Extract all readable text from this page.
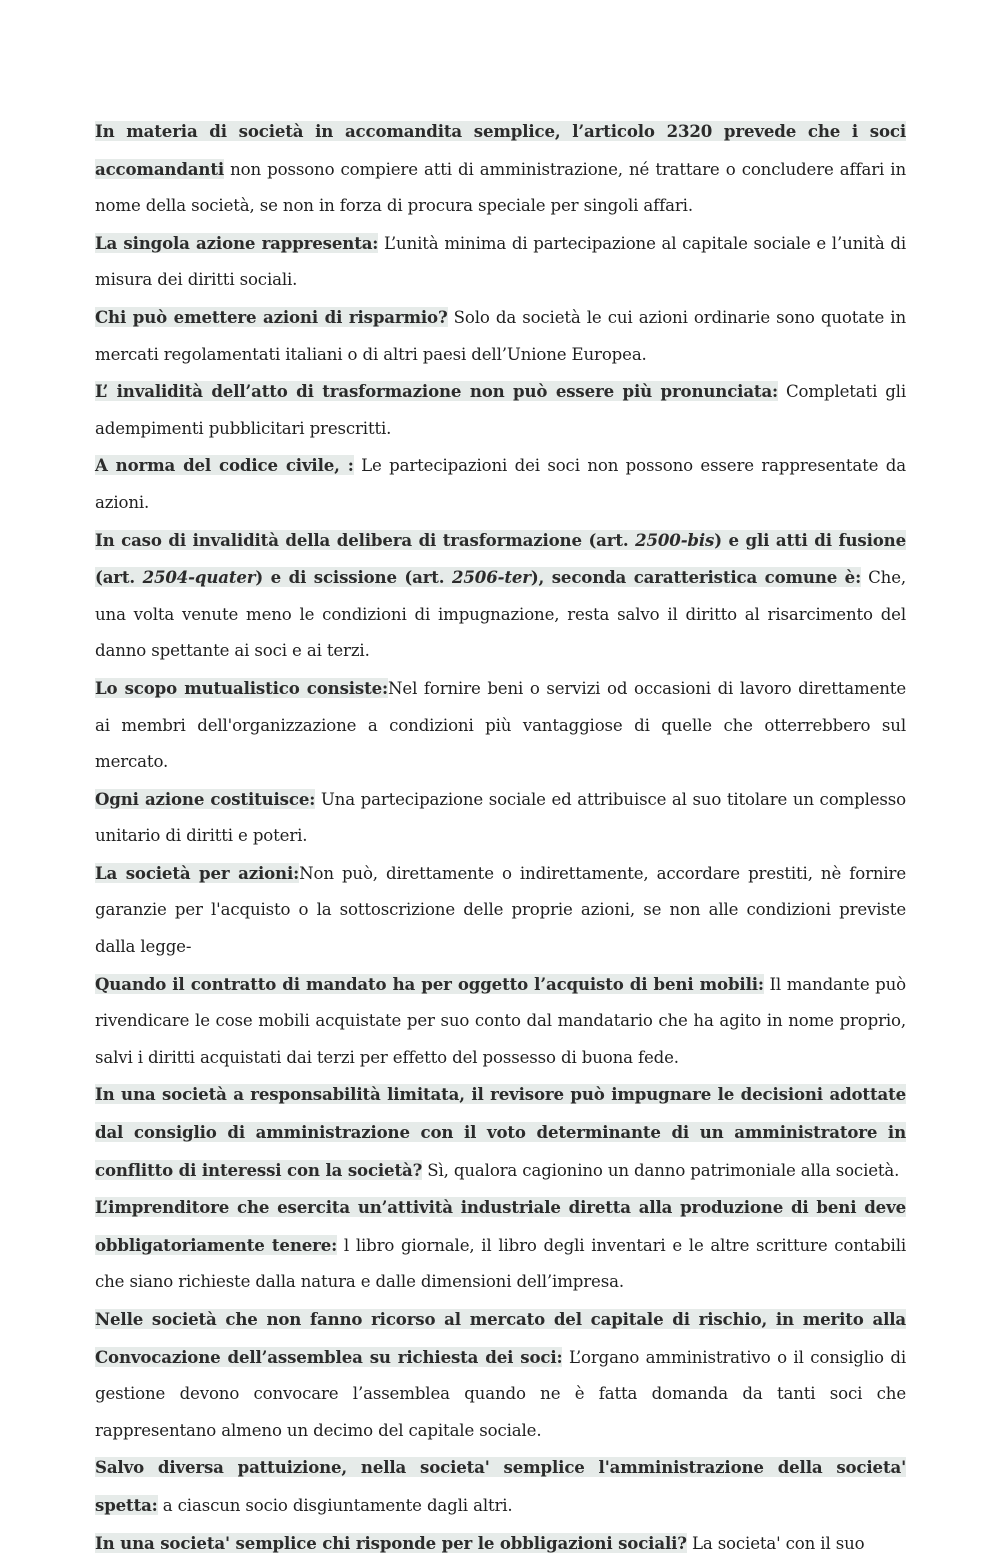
In materia di società in accomandita semplice, l’articolo 2320 prevede che i soci accomandanti non possono compiere atti di amministrazione, né trattare o concludere affari in nome della società, se non in forza di procura speciale per singoli affari.

La singola azione rappresenta: L’unità minima di partecipazione al capitale sociale e l’unità di misura dei diritti sociali.

Chi può emettere azioni di risparmio? Solo da società le cui azioni ordinarie sono quotate in mercati regolamentati italiani o di altri paesi dell’Unione Europea.

L’ invalidità dell’atto di trasformazione non può essere più pronunciata: Completati gli adempimenti pubblicitari prescritti.

A norma del codice civile, : Le partecipazioni dei soci non possono essere rappresentate da azioni.

In caso di invalidità della delibera di trasformazione (art. 2500-bis) e gli atti di fusione (art. 2504-quater) e di scissione (art. 2506-ter), seconda caratteristica comune è: Che, una volta venute meno le condizioni di impugnazione, resta salvo il diritto al risarcimento del danno spettante ai soci e ai terzi.

Lo scopo mutualistico consiste:Nel fornire beni o servizi od occasioni di lavoro direttamente ai membri dell'organizzazione a condizioni più vantaggiose di quelle che otterrebbero sul mercato.

Ogni azione costituisce: Una partecipazione sociale ed attribuisce al suo titolare un complesso unitario di diritti e poteri.

La società per azioni:Non può, direttamente o indirettamente, accordare prestiti, nè fornire garanzie per l'acquisto o la sottoscrizione delle proprie azioni, se non alle condizioni previste dalla legge-

Quando il contratto di mandato ha per oggetto l’acquisto di beni mobili: Il mandante può rivendicare le cose mobili acquistate per suo conto dal mandatario che ha agito in nome proprio, salvi i diritti acquistati dai terzi per effetto del possesso di buona fede.

In una società a responsabilità limitata, il revisore può impugnare le decisioni adottate dal consiglio di amministrazione con il voto determinante di un amministratore in conflitto di interessi con la società? Sì, qualora cagionino un danno patrimoniale alla società.

L’imprenditore che esercita un’attività industriale diretta alla produzione di beni deve obbligatoriamente tenere: l libro giornale, il libro degli inventari e le altre scritture contabili che siano richieste dalla natura e dalle dimensioni dell’impresa.

Nelle società che non fanno ricorso al mercato del capitale di rischio, in merito alla Convocazione dell’assemblea su richiesta dei soci: L’organo amministrativo o il consiglio di gestione devono convocare l’assemblea quando ne è fatta domanda da tanti soci che rappresentano almeno un decimo del capitale sociale.

Salvo diversa pattuizione, nella societa' semplice l'amministrazione della societa' spetta: a ciascun socio disgiuntamente dagli altri.

In una societa' semplice chi risponde per le obbligazioni sociali? La societa' con il suo
